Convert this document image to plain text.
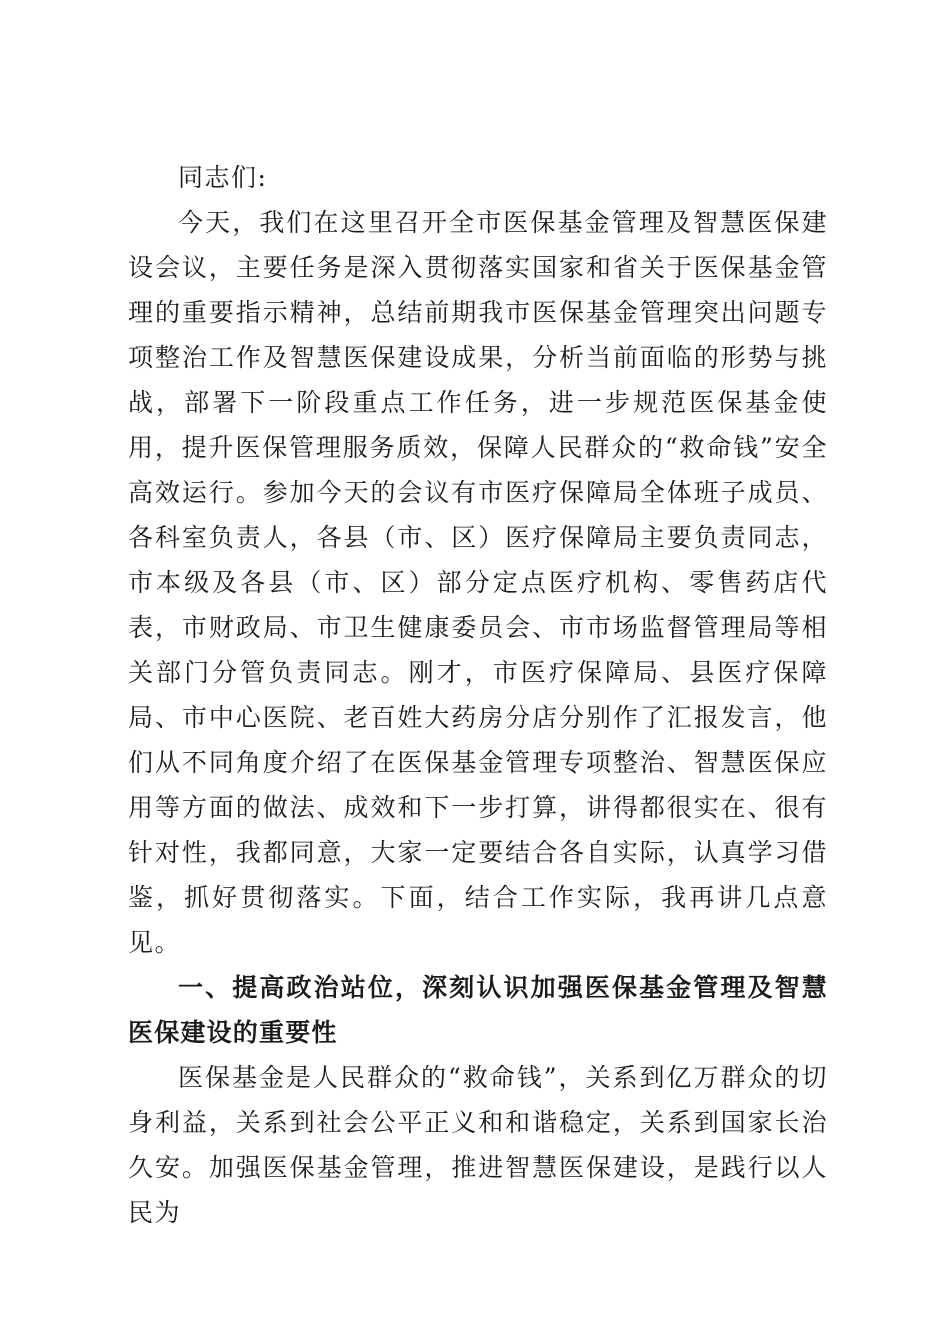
同志们:

今天，我们在这里召开全市医保基金管理及智慧医保建设会议，主要任务是深入贯彻落实国家和省关于医保基金管理的重要指示精神，总结前期我市医保基金管理突出问题专项整治工作及智慧医保建设成果，分析当前面临的形势与挑战，部署下一阶段重点工作任务，进一步规范医保基金使用，提升医保管理服务质效，保障人民群众的“救命钱”安全高效运行。参加今天的会议有市医疗保障局全体班子成员、各科室负责人，各县（市、区）医疗保障局主要负责同志，市本级及各县（市、区）部分定点医疗机构、零售药店代表，市财政局、市卫生健康委员会、市市场监督管理局等相关部门分管负责同志。刚才，市医疗保障局、县医疗保障局、市中心医院、老百姓大药房分店分别作了汇报发言，他们从不同角度介绍了在医保基金管理专项整治、智慧医保应用等方面的做法、成效和下一步打算，讲得都很实在、很有针对性，我都同意，大家一定要结合各自实际，认真学习借鉴，抓好贯彻落实。下面，结合工作实际，我再讲几点意见。

一、提高政治站位，深刻认识加强医保基金管理及智慧医保建设的重要性

医保基金是人民群众的“救命钱”，关系到亿万群众的切身利益，关系到社会公平正义和和谐稳定，关系到国家长治久安。加强医保基金管理，推进智慧医保建设，是践行以人民为
